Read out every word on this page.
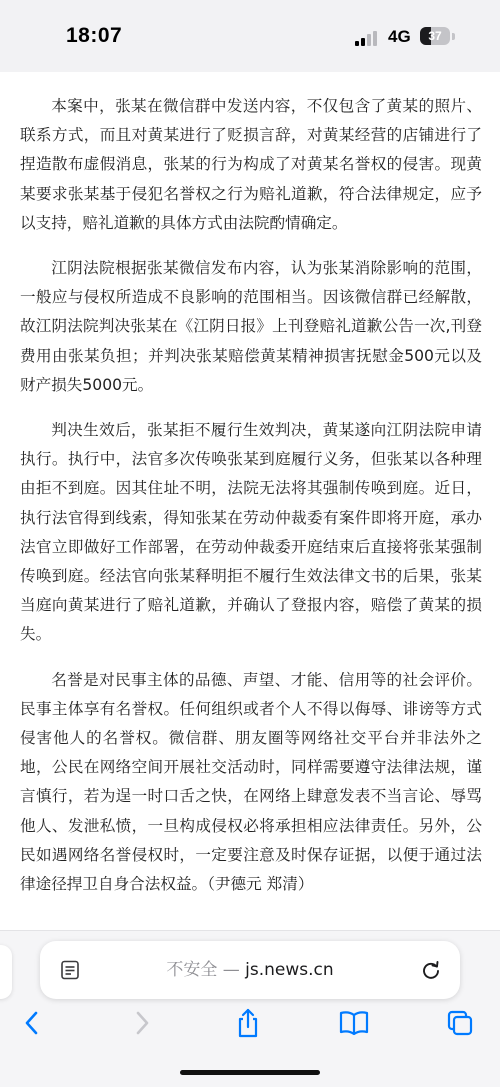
18:07	4G	37

本案中，张某在微信群中发送内容，不仅包含了黄某的照片、联系方式，而且对黄某进行了贬损言辞，对黄某经营的店铺进行了捏造散布虚假消息，张某的行为构成了对黄某名誉权的侵害。现黄某要求张某基于侵犯名誉权之行为赔礼道歉，符合法律规定，应予以支持，赔礼道歉的具体方式由法院酌情确定。

江阴法院根据张某微信发布内容，认为张某消除影响的范围，一般应与侵权所造成不良影响的范围相当。因该微信群已经解散，故江阴法院判决张某在《江阴日报》上刊登赔礼道歉公告一次,刊登费用由张某负担；并判决张某赔偿黄某精神损害抚慰金500元以及财产损失5000元。

判决生效后，张某拒不履行生效判决，黄某遂向江阴法院申请执行。执行中，法官多次传唤张某到庭履行义务，但张某以各种理由拒不到庭。因其住址不明，法院无法将其强制传唤到庭。近日，执行法官得到线索，得知张某在劳动仲裁委有案件即将开庭，承办法官立即做好工作部署，在劳动仲裁委开庭结束后直接将张某强制传唤到庭。经法官向张某释明拒不履行生效法律文书的后果，张某当庭向黄某进行了赔礼道歉，并确认了登报内容，赔偿了黄某的损失。

名誉是对民事主体的品德、声望、才能、信用等的社会评价。民事主体享有名誉权。任何组织或者个人不得以侮辱、诽谤等方式侵害他人的名誉权。微信群、朋友圈等网络社交平台并非法外之地，公民在网络空间开展社交活动时，同样需要遵守法律法规，谨言慎行，若为逞一时口舌之快，在网络上肆意发表不当言论、辱骂他人、发泄私愤，一旦构成侵权必将承担相应法律责任。另外，公民如遇网络名誉侵权时，一定要注意及时保存证据，以便于通过法律途径捍卫自身合法权益。（尹德元 郑清）

不安全 — js.news.cn
